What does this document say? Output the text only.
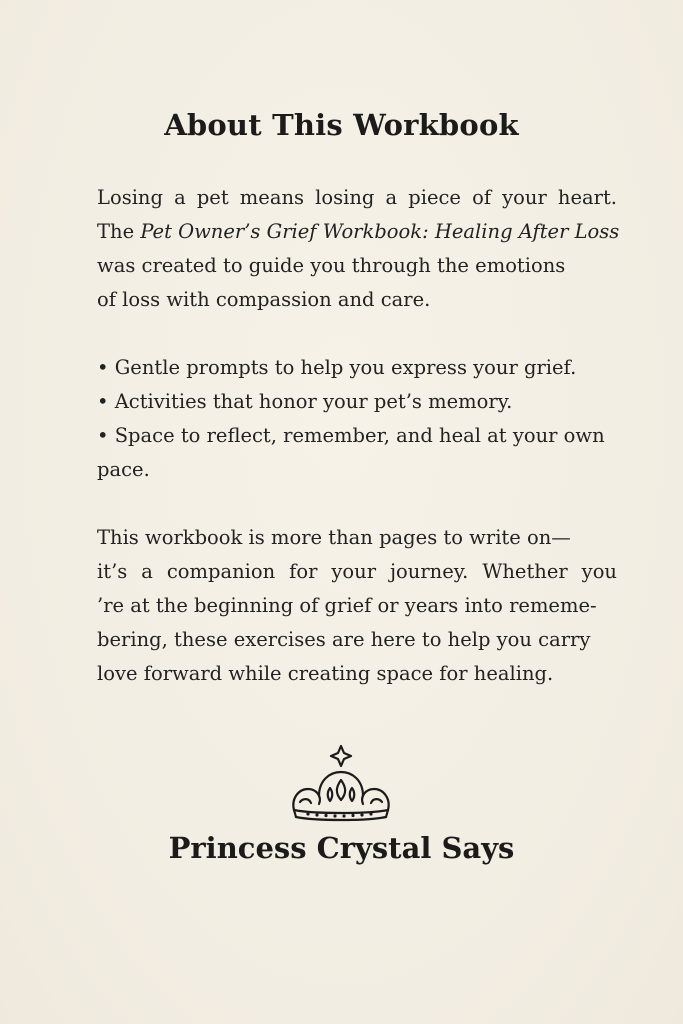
About This Workbook
Losing a pet means losing a piece of your heart.
The Pet Owner’s Grief Workbook: Healing After Loss
was created to guide you through the emotions
of loss with compassion and care.
• Gentle prompts to help you express your grief.
• Activities that honor your pet’s memory.
• Space to reflect, remember, and heal at your own
pace.
This workbook is more than pages to write on—
it’s a companion for your journey. Whether you
’re at the beginning of grief or years into rememe-
bering, these exercises are here to help you carry
love forward while creating space for healing.
Princess Crystal Says
